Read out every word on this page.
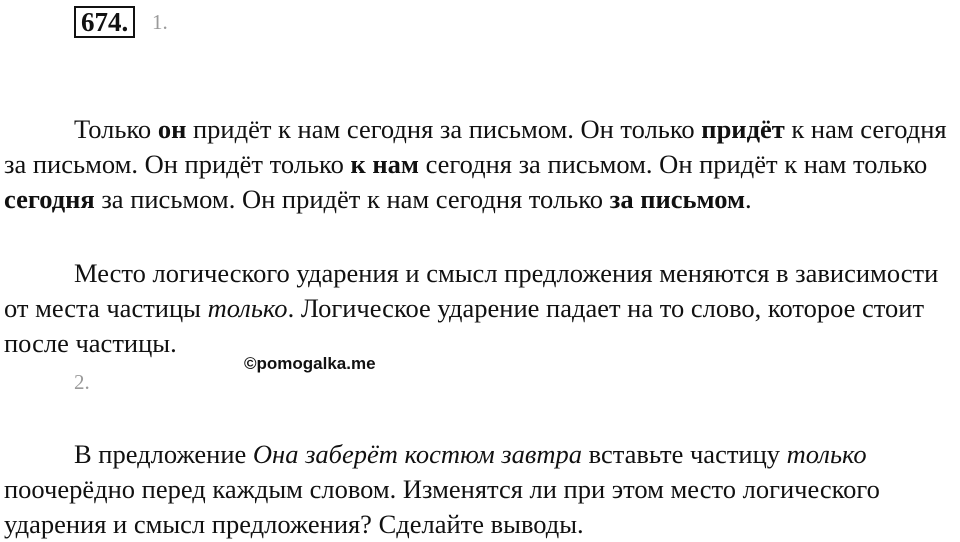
674.	1.

Только он придёт к нам сегодня за письмом. Он только придёт к нам сегодня за письмом. Он придёт только к нам сегодня за письмом. Он придёт к нам только сегодня за письмом. Он придёт к нам сегодня только за письмом.

Место логического ударения и смысл предложения меняются в зависимости от места частицы только. Логическое ударение падает на то слово, которое стоит после частицы.

©pomogalka.me
2.

В предложение Она заберёт костюм завтра вставьте частицу только поочерёдно перед каждым словом. Изменятся ли при этом место логического ударения и смысл предложения? Сделайте выводы.
